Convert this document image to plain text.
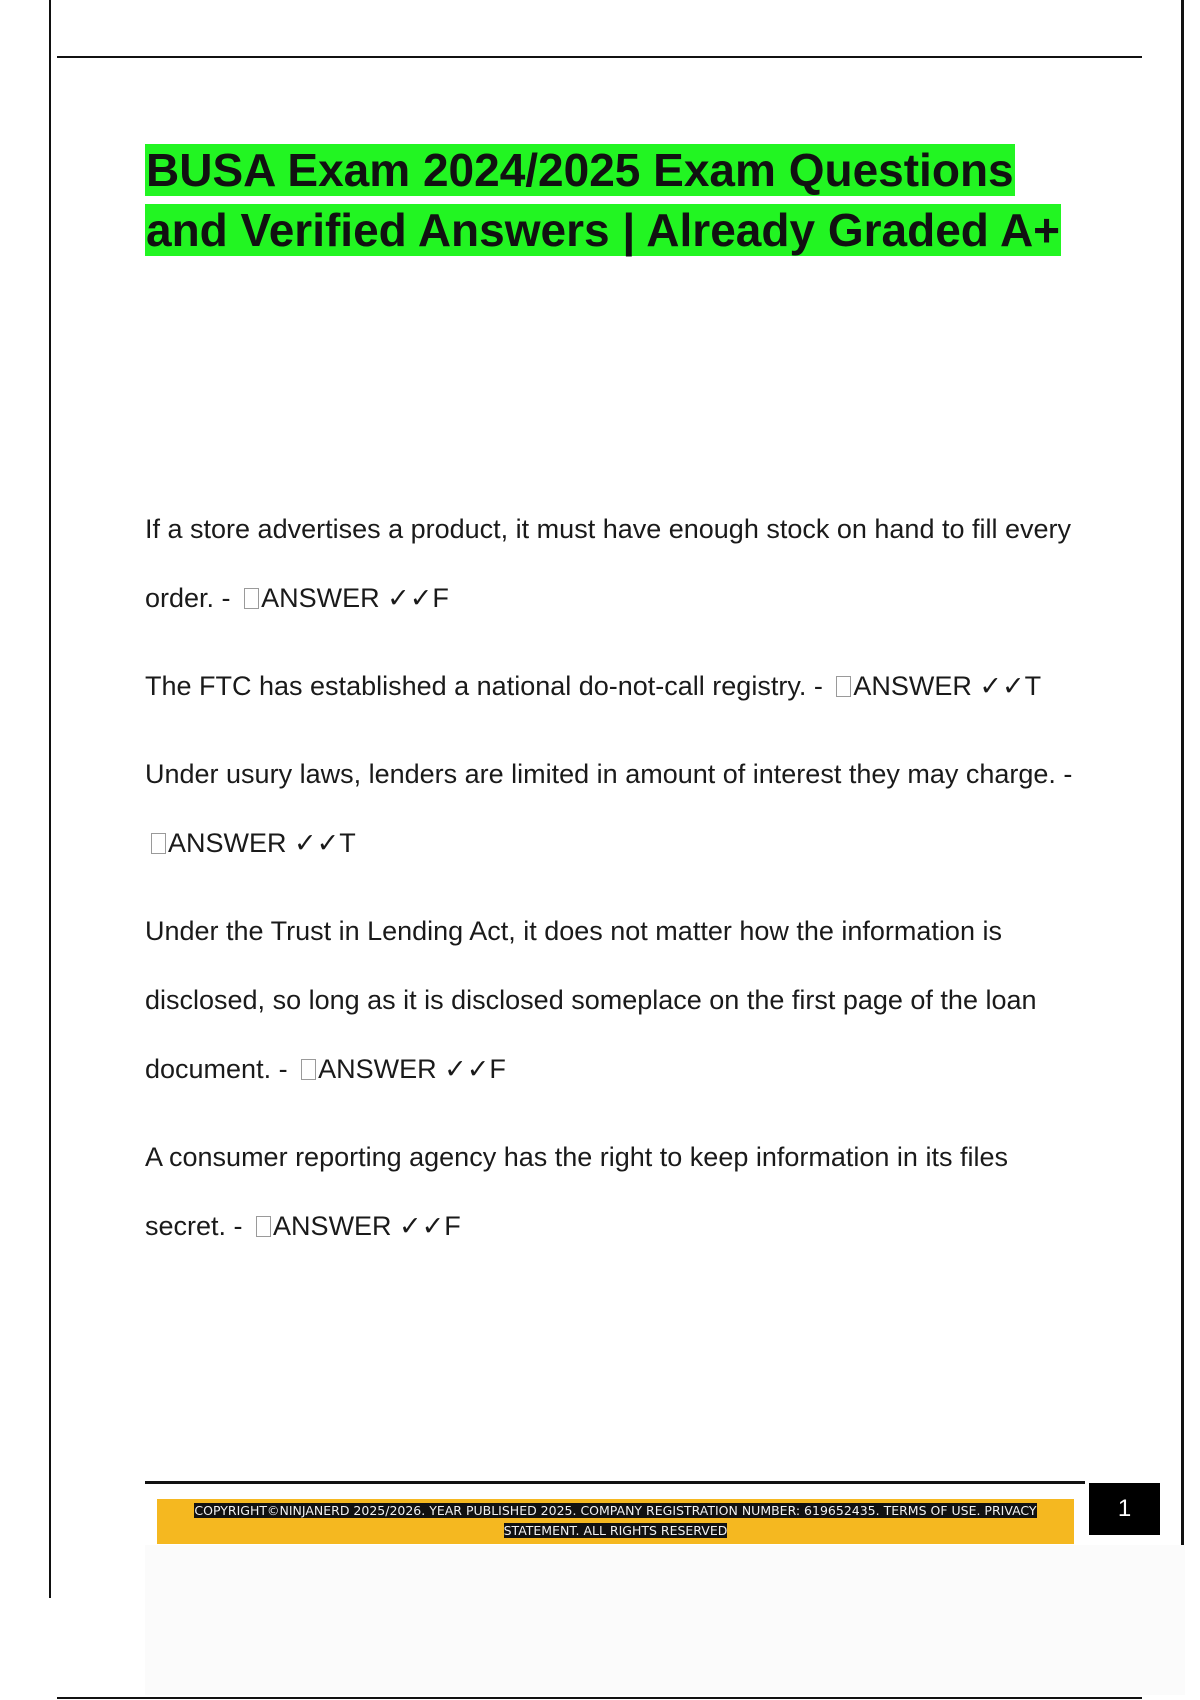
BUSA Exam 2024/2025 Exam Questions and Verified Answers | Already Graded A+

If a store advertises a product, it must have enough stock on hand to fill every order. - ANSWER ✓✓F

The FTC has established a national do-not-call registry. - ANSWER ✓✓T

Under usury laws, lenders are limited in amount of interest they may charge. - ANSWER ✓✓T

Under the Trust in Lending Act, it does not matter how the information is disclosed, so long as it is disclosed someplace on the first page of the loan document. - ANSWER ✓✓F

A consumer reporting agency has the right to keep information in its files secret. - ANSWER ✓✓F

COPYRIGHT©NINJANERD 2025/2026. YEAR PUBLISHED 2025. COMPANY REGISTRATION NUMBER: 619652435. TERMS OF USE. PRIVACY STATEMENT. ALL RIGHTS RESERVED
1
